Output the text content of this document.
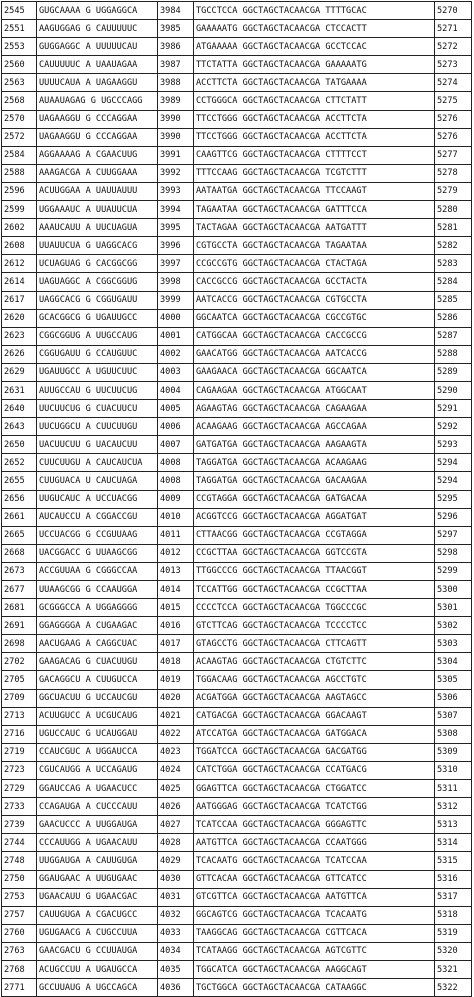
2545	GUGCAAAA G UGGAGGCA	3984	TGCCTCCA GGCTAGCTACAACGA TTTTGCAC	5270
2551	AAGUGGAG G CAUUUUUC	3985	GAAAAATG GGCTAGCTACAACGA CTCCACTT	5271
2553	GUGGAGGC A UUUUUCAU	3986	ATGAAAAA GGCTAGCTACAACGA GCCTCCAC	5272
2560	CAUUUUUC A UAAUAGAA	3987	TTCTATTA GGCTAGCTACAACGA GAAAAATG	5273
2563	UUUUCAUA A UAGAAGGU	3988	ACCTTCTA GGCTAGCTACAACGA TATGAAAA	5274
2568	AUAAUAGAG G UGCCCAGG	3989	CCTGGGCA GGCTAGCTACAACGA CTTCTATT	5275
2570	UAGAAGGU G CCCAGGAA	3990	TTCCTGGG GGCTAGCTACAACGA ACCTTCTA	5276
2572	UAGAAGGU G CCCAGGAA	3990	TTCCTGGG GGCTAGCTACAACGA ACCTTCTA	5276
2584	AGGAAAAG A CGAACUUG	3991	CAAGTTCG GGCTAGCTACAACGA CTTTTCCT	5277
2588	AAAGACGA A CUUGGAAA	3992	TTTCCAAG GGCTAGCTACAACGA TCGTCTTT	5278
2596	ACUUGGAA A UAUUAUUU	3993	AATAATGA GGCTAGCTACAACGA TTCCAAGT	5279
2599	UGGAAAUC A UUAUUCUA	3994	TAGAATAA GGCTAGCTACAACGA GATTTCCA	5280
2602	AAAUCAUU A UUCUAGUA	3995	TACTAGAA GGCTAGCTACAACGA AATGATTT	5281
2608	UUAUUCUA G UAGGCACG	3996	CGTGCCTA GGCTAGCTACAACGA TAGAATAA	5282
2612	UCUAGUAG G CACGGCGG	3997	CCGCCGTG GGCTAGCTACAACGA CTACTAGA	5283
2614	UAGUAGGC A CGGCGGUG	3998	CACCGCCG GGCTAGCTACAACGA GCCTACTA	5284
2617	UAGGCACG G CGGUGAUU	3999	AATCACCG GGCTAGCTACAACGA CGTGCCTA	5285
2620	GCACGGCG G UGAUUGCC	4000	GGCAATCA GGCTAGCTACAACGA CGCCGTGC	5286
2623	CGGCGGUG A UUGCCAUG	4001	CATGGCAA GGCTAGCTACAACGA CACCGCCG	5287
2626	CGGUGAUU G CCAUGUUC	4002	GAACATGG GGCTAGCTACAACGA AATCACCG	5288
2629	UGAUUGCC A UGUUCUUC	4003	GAAGAACA GGCTAGCTACAACGA GGCAATCA	5289
2631	AUUGCCAU G UUCUUCUG	4004	CAGAAGAA GGCTAGCTACAACGA ATGGCAAT	5290
2640	UUCUUCUG G CUACUUCU	4005	AGAAGTAG GGCTAGCTACAACGA CAGAAGAA	5291
2643	UUCUGGCU A CUUCUUGU	4006	ACAAGAAG GGCTAGCTACAACGA AGCCAGAA	5292
2650	UACUUCUU G UACAUCUU	4007	GATGATGA GGCTAGCTACAACGA AAGAAGTA	5293
2652	CUUCUUGU A CAUCAUCUA	4008	TAGGATGA GGCTAGCTACAACGA ACAAGAAG	5294
2655	CUUGUACA U CAUCUAGA	4008	TAGGATGA GGCTAGCTACAACGA GACAAGAA	5294
2656	UUGUCAUC A UCCUACGG	4009	CCGTAGGA GGCTAGCTACAACGA GATGACAA	5295
2661	AUCAUCCU A CGGACCGU	4010	ACGGTCCG GGCTAGCTACAACGA AGGATGAT	5296
2665	UCCUACGG G CCGUUAAG	4011	CTTAACGG GGCTAGCTACAACGA CCGTAGGA	5297
2668	UACGGACC G UUAAGCGG	4012	CCGCTTAA GGCTAGCTACAACGA GGTCCGTA	5298
2673	ACCGUUAA G CGGGCCAA	4013	TTGGCCCG GGCTAGCTACAACGA TTAACGGT	5299
2677	UUAAGCGG G CCAAUGGA	4014	TCCATTGG GGCTAGCTACAACGA CCGCTTAA	5300
2681	GCGGGCCA A UGGAGGGG	4015	CCCCTCCA GGCTAGCTACAACGA TGGCCCGC	5301
2691	GGAGGGGA A CUGAAGAC	4016	GTCTTCAG GGCTAGCTACAACGA TCCCCTCC	5302
2698	AACUGAAG A CAGGCUAC	4017	GTAGCCTG GGCTAGCTACAACGA CTTCAGTT	5303
2702	GAAGACAG G CUACUUGU	4018	ACAAGTAG GGCTAGCTACAACGA CTGTCTTC	5304
2705	GACAGGCU A CUUGUCCA	4019	TGGACAAG GGCTAGCTACAACGA AGCCTGTC	5305
2709	GGCUACUU G UCCAUCGU	4020	ACGATGGA GGCTAGCTACAACGA AAGTAGCC	5306
2713	ACUUGUCC A UCGUCAUG	4021	CATGACGA GGCTAGCTACAACGA GGACAAGT	5307
2716	UGUCCAUC G UCAUGGAU	4022	ATCCATGA GGCTAGCTACAACGA GATGGACA	5308
2719	CCAUCGUC A UGGAUCCA	4023	TGGATCCA GGCTAGCTACAACGA GACGATGG	5309
2723	CGUCAUGG A UCCAGAUG	4024	CATCTGGA GGCTAGCTACAACGA CCATGACG	5310
2729	GGAUCCAG A UGAACUCC	4025	GGAGTTCA GGCTAGCTACAACGA CTGGATCC	5311
2733	CCAGAUGA A CUCCCAUU	4026	AATGGGAG GGCTAGCTACAACGA TCATCTGG	5312
2739	GAACUCCC A UUGGAUGA	4027	TCATCCAA GGCTAGCTACAACGA GGGAGTTC	5313
2744	CCCAUUGG A UGAACAUU	4028	AATGTTCA GGCTAGCTACAACGA CCAATGGG	5314
2748	UUGGAUGA A CAUUGUGA	4029	TCACAATG GGCTAGCTACAACGA TCATCCAA	5315
2750	GGAUGAAC A UUGUGAAC	4030	GTTCACAA GGCTAGCTACAACGA GTTCATCC	5316
2753	UGAACAUU G UGAACGAC	4031	GTCGTTCA GGCTAGCTACAACGA AATGTTCA	5317
2757	CAUUGUGA A CGACUGCC	4032	GGCAGTCG GGCTAGCTACAACGA TCACAATG	5318
2760	UGUGAACG A CUGCCUUA	4033	TAAGGCAG GGCTAGCTACAACGA CGTTCACA	5319
2763	GAACGACU G CCUUAUGA	4034	TCATAAGG GGCTAGCTACAACGA AGTCGTTC	5320
2768	ACUGCCUU A UGAUGCCA	4035	TGGCATCA GGCTAGCTACAACGA AAGGCAGT	5321
2771	GCCUUAUG A UGCCAGCA	4036	TGCTGGCA GGCTAGCTACAACGA CATAAGGC	5322
